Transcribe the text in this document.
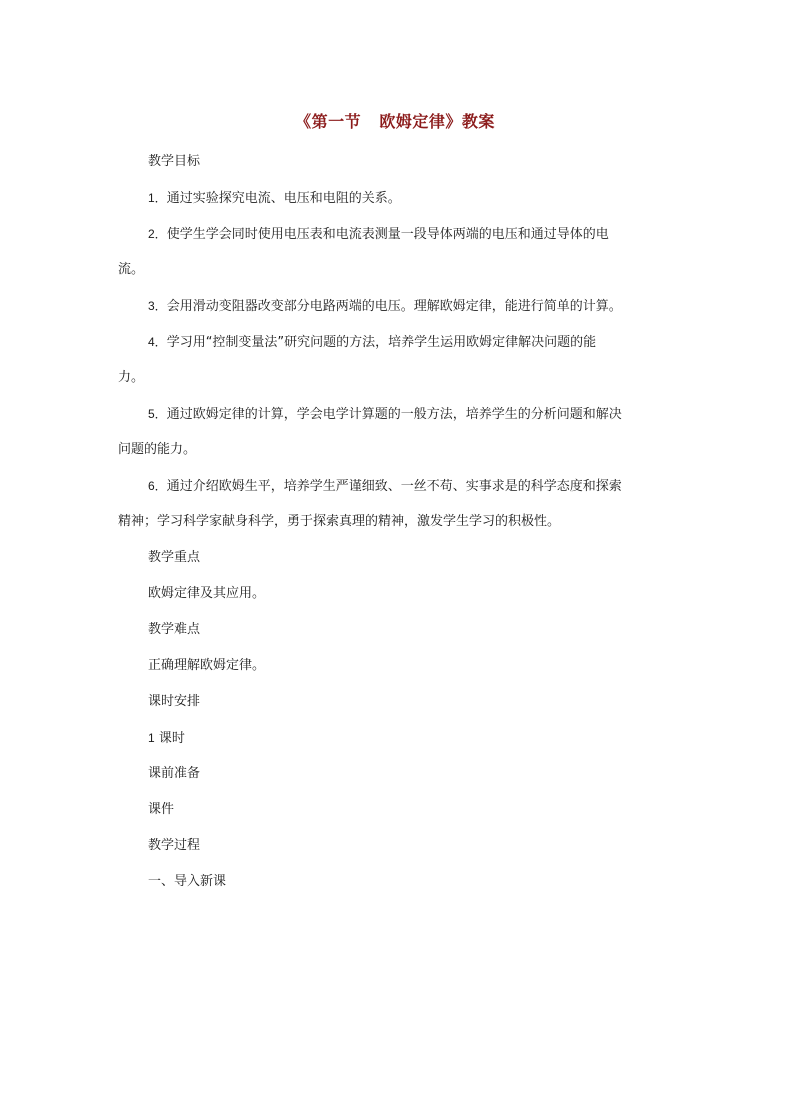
《第一节   欧姆定律》教案
教学目标
1．通过实验探究电流、电压和电阻的关系。
2．使学生学会同时使用电压表和电流表测量一段导体两端的电压和通过导体的电
流。
3．会用滑动变阻器改变部分电路两端的电压。理解欧姆定律，能进行简单的计算。
4．学习用“控制变量法”研究问题的方法，培养学生运用欧姆定律解决问题的能
力。
5．通过欧姆定律的计算，学会电学计算题的一般方法，培养学生的分析问题和解决
问题的能力。
6．通过介绍欧姆生平，培养学生严谨细致、一丝不苟、实事求是的科学态度和探索
精神；学习科学家献身科学，勇于探索真理的精神，激发学生学习的积极性。
教学重点
欧姆定律及其应用。
教学难点
正确理解欧姆定律。
课时安排
1 课时
课前准备
课件
教学过程
一、导入新课
